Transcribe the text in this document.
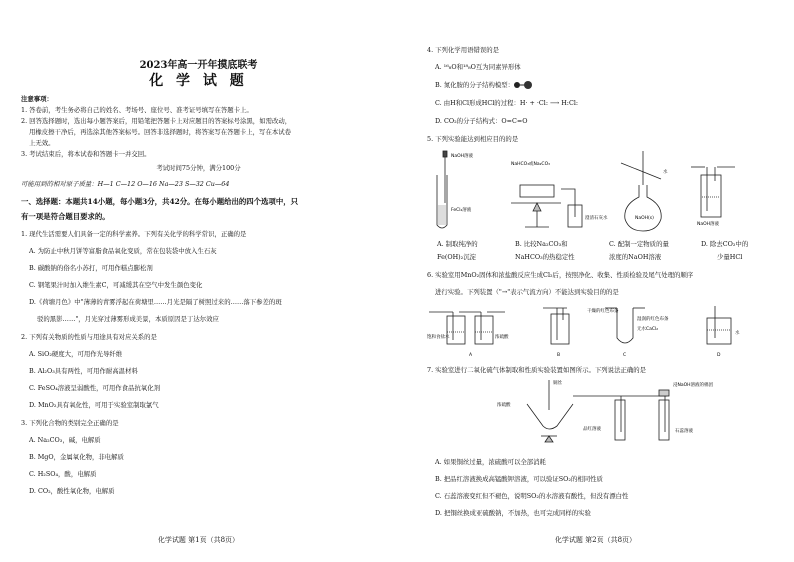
2023年高一开年摸底联考
化 学 试 题
注意事项：
1. 答卷前，考生务必将自己的姓名、考场号、座位号、准考证号填写在答题卡上。
2. 回答选择题时，选出每小题答案后，用铅笔把答题卡上对应题目的答案标号涂黑，如需改动，
用橡皮擦干净后，再选涂其他答案标号。回答非选择题时，将答案写在答题卡上，写在本试卷
上无效。
3. 考试结束后，将本试卷和答题卡一并交回。
考试时间75分钟，满分100分
可能用到的相对原子质量：H—1 C—12 O—16 Na—23 S—32 Cu—64
一、选择题：本题共14小题，每小题3分，共42分。在每小题给出的四个选项中，只
有一项是符合题目要求的。
1. 现代生活需要人们具备一定的科学素养。下列有关化学的科学常识，正确的是
A. 为防止中秋月饼等富脂食品氧化变质，常在包装袋中放入生石灰
B. 碳酸钠的俗名小苏打，可用作糕点膨松剂
C. 钢笔果汁时加入维生素C，可减缓其在空气中发生颜色变化
D.《荷塘月色》中"薄薄的青雾浮起在荷塘里……月光是隔了树照过来的……落下参差的斑
驳的黑影……"，月光穿过薄雾形成美景，本质原因是丁达尔效应
2. 下列有关物质的性质与用途具有对应关系的是
A. SiO₂硬度大，可用作光导纤维
B. Al₂O₃具有两性，可用作耐高温材料
C. FeSO₄溶液呈弱酸性，可用作食品抗氧化剂
D. MnO₂具有氧化性，可用于实验室制取氯气
3. 下列化合物的类别完全正确的是
A. Na₂CO₃，碱，电解质
B. MgO，金属氧化物，非电解质
C. H₂SO₄，酸，电解质
D. CO₂，酸性氧化物，电解质
化学试题 第1页（共8页）
4. 下列化学用语错误的是
A. ¹⁶₈O和¹⁸₈O互为同素异形体
B. 氮化胺的分子结构模型：
C. 由H和Cl形成HCl的过程：H· + ·Cl: ⟶ H:Cl:
D. CO₂的分子结构式：O=C=O
5. 下列实验能达到相应目的的是
NaOH溶液
FeCl₂溶液
NaHCO₃或Na₂CO₃
澄清石灰水
水
NaOH(s)
NaOH溶液
A. 制取纯净的
Fe(OH)₂沉淀
B. 比较Na₂CO₃和
NaHCO₃的热稳定性
C. 配制一定物质的量
浓度的NaOH溶液
D. 除去CO₂中的
少量HCl
6. 实验室用MnO₂固体和浓盐酸反应生成Cl₂后，按照净化、收集、性质检验及尾气处理的顺序
进行实验。下列装置（"→"表示气流方向）不能达到实验目的的是
饱和食盐水	浓硫酸
干燥的红色布条
湿润的红色布条
无水CaCl₂
水
A	B	C	D
7. 实验室进行二氧化硫气体制取和性质实验装置如图所示。下列说法正确的是
铜丝
浓硫酸
浸NaOH溶液的棉团
品红溶液	石蕊溶液
A. 如果铜丝过量，浓硫酸可以全部消耗
B. 把品红溶液换成高锰酸钾溶液，可以验证SO₂的相同性质
C. 石蕊溶液变红但不褪色，说明SO₂的水溶液有酸性，但没有漂白性
D. 把铜丝换成亚硫酸钠，不加热，也可完成同样的实验
化学试题 第2页（共8页）
